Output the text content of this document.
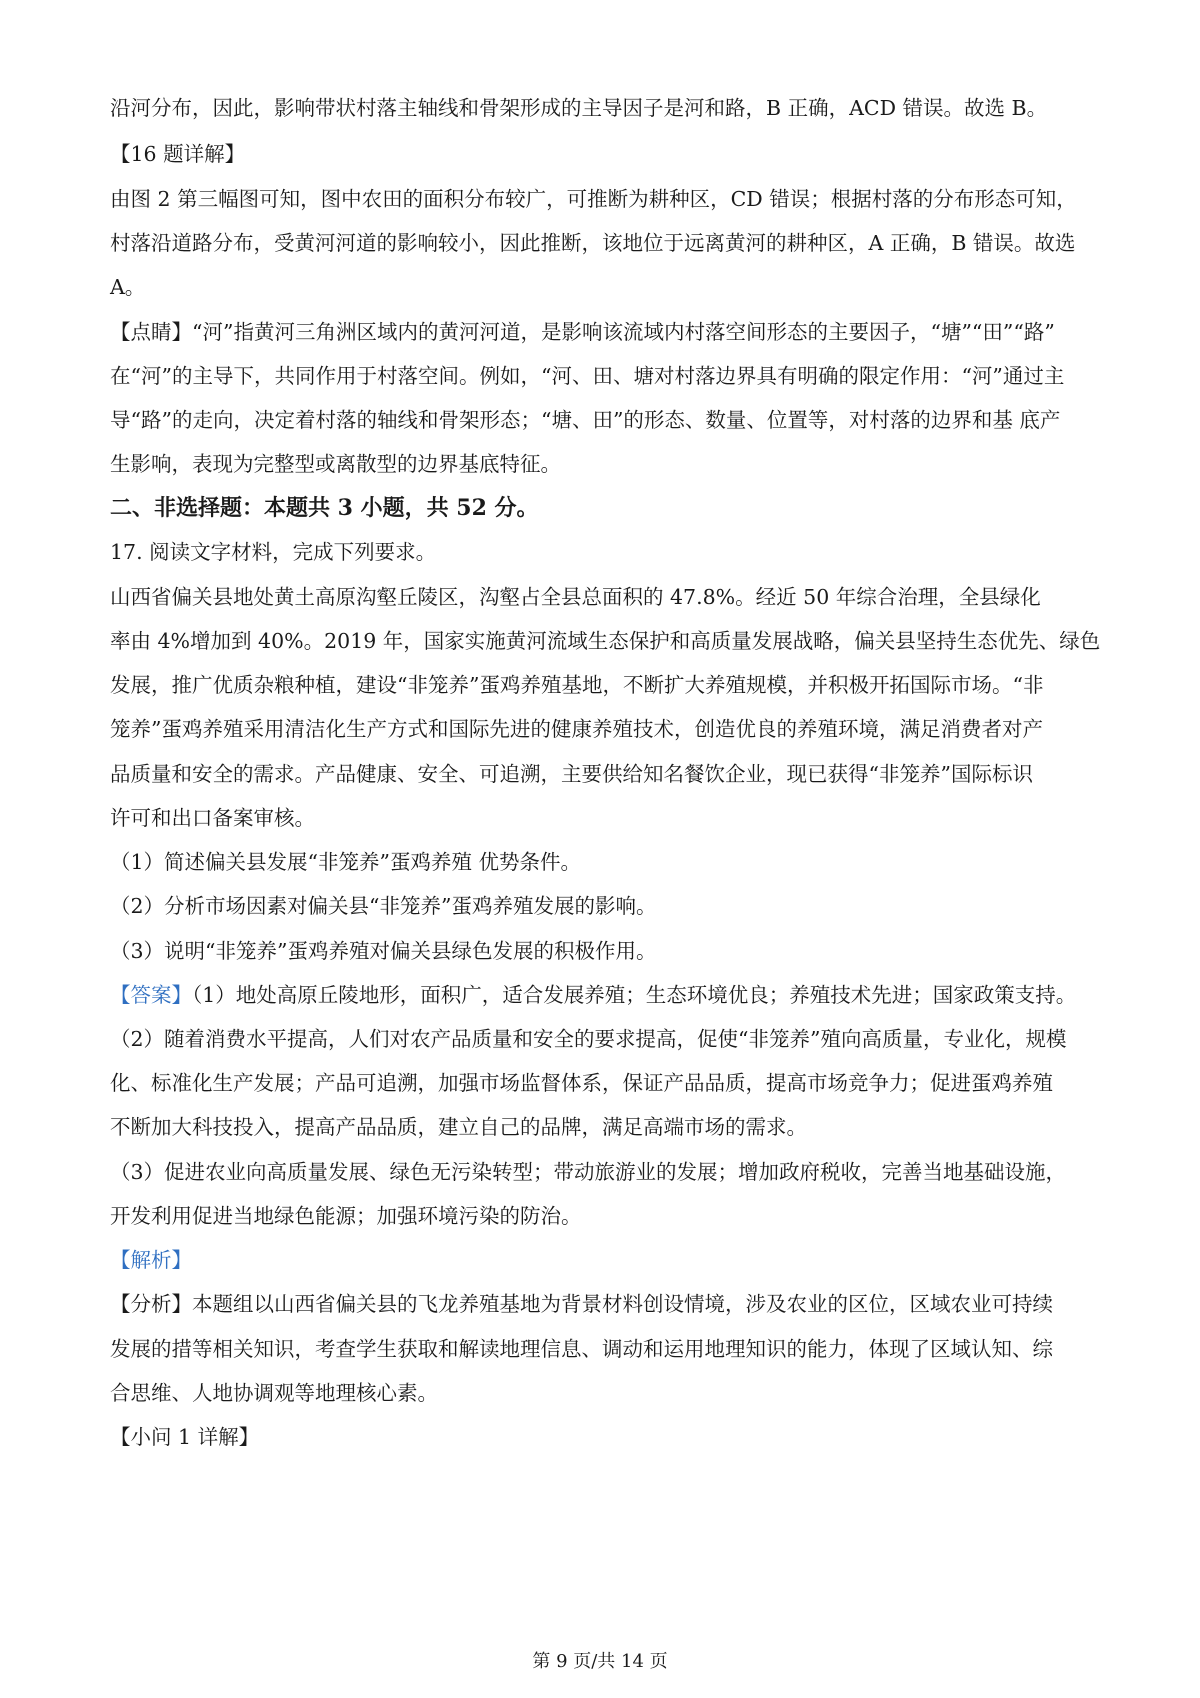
沿河分布，因此，影响带状村落主轴线和骨架形成的主导因子是河和路，B 正确，ACD 错误。故选 B。
【16 题详解】
由图 2 第三幅图可知，图中农田的面积分布较广，可推断为耕种区，CD 错误；根据村落的分布形态可知，
村落沿道路分布，受黄河河道的影响较小，因此推断，该地位于远离黄河的耕种区，A 正确，B 错误。故选
A。
【点睛】“河”指黄河三角洲区域内的黄河河道，是影响该流域内村落空间形态的主要因子，“塘”“田”“路”
在“河”的主导下，共同作用于村落空间。例如，“河、田、塘对村落边界具有明确的限定作用：“河”通过主
导“路”的走向，决定着村落的轴线和骨架形态；“塘、田”的形态、数量、位置等，对村落的边界和基 底产
生影响，表现为完整型或离散型的边界基底特征。
二、非选择题：本题共 3 小题，共 52 分。
17. 阅读文字材料，完成下列要求。
山西省偏关县地处黄土高原沟壑丘陵区，沟壑占全县总面积的 47.8%。经近 50 年综合治理，全县绿化
率由 4%增加到 40%。2019 年，国家实施黄河流域生态保护和高质量发展战略，偏关县坚持生态优先、绿色
发展，推广优质杂粮种植，建设“非笼养”蛋鸡养殖基地，不断扩大养殖规模，并积极开拓国际市场。“非
笼养”蛋鸡养殖采用清洁化生产方式和国际先进的健康养殖技术，创造优良的养殖环境，满足消费者对产
品质量和安全的需求。产品健康、安全、可追溯，主要供给知名餐饮企业，现已获得“非笼养”国际标识
许可和出口备案审核。
（1）简述偏关县发展“非笼养”蛋鸡养殖 优势条件。
（2）分析市场因素对偏关县“非笼养”蛋鸡养殖发展的影响。
（3）说明“非笼养”蛋鸡养殖对偏关县绿色发展的积极作用。
【答案】（1）地处高原丘陵地形，面积广，适合发展养殖；生态环境优良；养殖技术先进；国家政策支持。
（2）随着消费水平提高，人们对农产品质量和安全的要求提高，促使“非笼养”殖向高质量，专业化，规模
化、标准化生产发展；产品可追溯，加强市场监督体系，保证产品品质，提高市场竞争力；促进蛋鸡养殖
不断加大科技投入，提高产品品质，建立自己的品牌，满足高端市场的需求。
（3）促进农业向高质量发展、绿色无污染转型；带动旅游业的发展；增加政府税收，完善当地基础设施，
开发利用促进当地绿色能源；加强环境污染的防治。
【解析】
【分析】本题组以山西省偏关县的飞龙养殖基地为背景材料创设情境，涉及农业的区位，区域农业可持续
发展的措等相关知识，考查学生获取和解读地理信息、调动和运用地理知识的能力，体现了区域认知、综
合思维、人地协调观等地理核心素。
【小问 1 详解】
第 9 页/共 14 页
